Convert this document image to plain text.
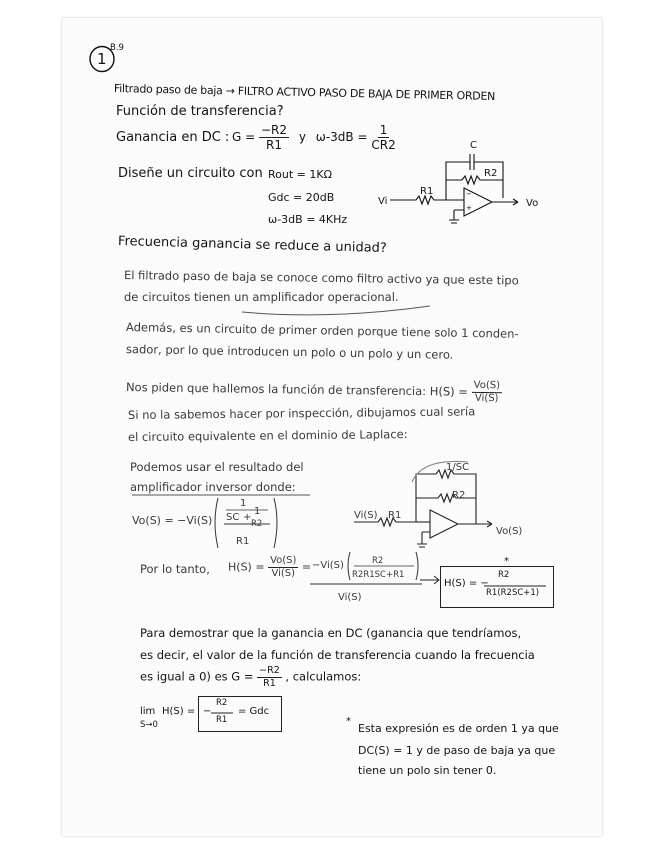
1
B.9
Filtrado paso de baja → FILTRO ACTIVO PASO DE BAJA DE PRIMER ORDEN
Función de transferencia?
Ganancia en DC : $G = \frac{-R2}{R1}$ y $\omega-3dB = \frac{1}{CR2}$
Diseñe un circuito con Rout = 1KΩ
Gdc = 20dB
ω-3dB = 4KHz
+
−
C
R2
R1
Vi	Vo
Frecuencia ganancia se reduce a unidad?
El filtrado paso de baja se conoce como filtro activo ya que este tipo
de circuitos tienen un amplificador operacional.
Además, es un circuito de primer orden porque tiene solo 1 conden-
sador, por lo que introducen un polo o un polo y un cero.
Nos piden que hallemos la función de transferencia: $H(S) = \frac{Vo(S)}{Vi(S)}$
Si no la sabemos hacer por inspección, dibujamos cual sería
el circuito equivalente en el dominio de Laplace:
Podemos usar el resultado del
amplificador inversor donde:
1/SC
R2
R1
Vi(S)
Vo(S)
Vo(S) = −Vi(S)
1
SC +
1
R2
R1
Por lo tanto, $H(S) = \frac{Vo(S)}{Vi(S)} = -Vi(S)$	R2
R2R1SC+R1
Vi(S)
H(S) = −
R2
R1(R2SC+1)
*
Para demostrar que la ganancia en DC (ganancia que tendríamos,
es decir, el valor de la función de transferencia cuando la frecuencia
es igual a 0) es $G = \frac{-R2}{R1}$ , calculamos:
lim
S→0
H(S) = −
R2
R1
= Gdc
*
Esta expresión es de orden 1 ya que
DC(S) = 1 y de paso de baja ya que
tiene un polo sin tener 0.
